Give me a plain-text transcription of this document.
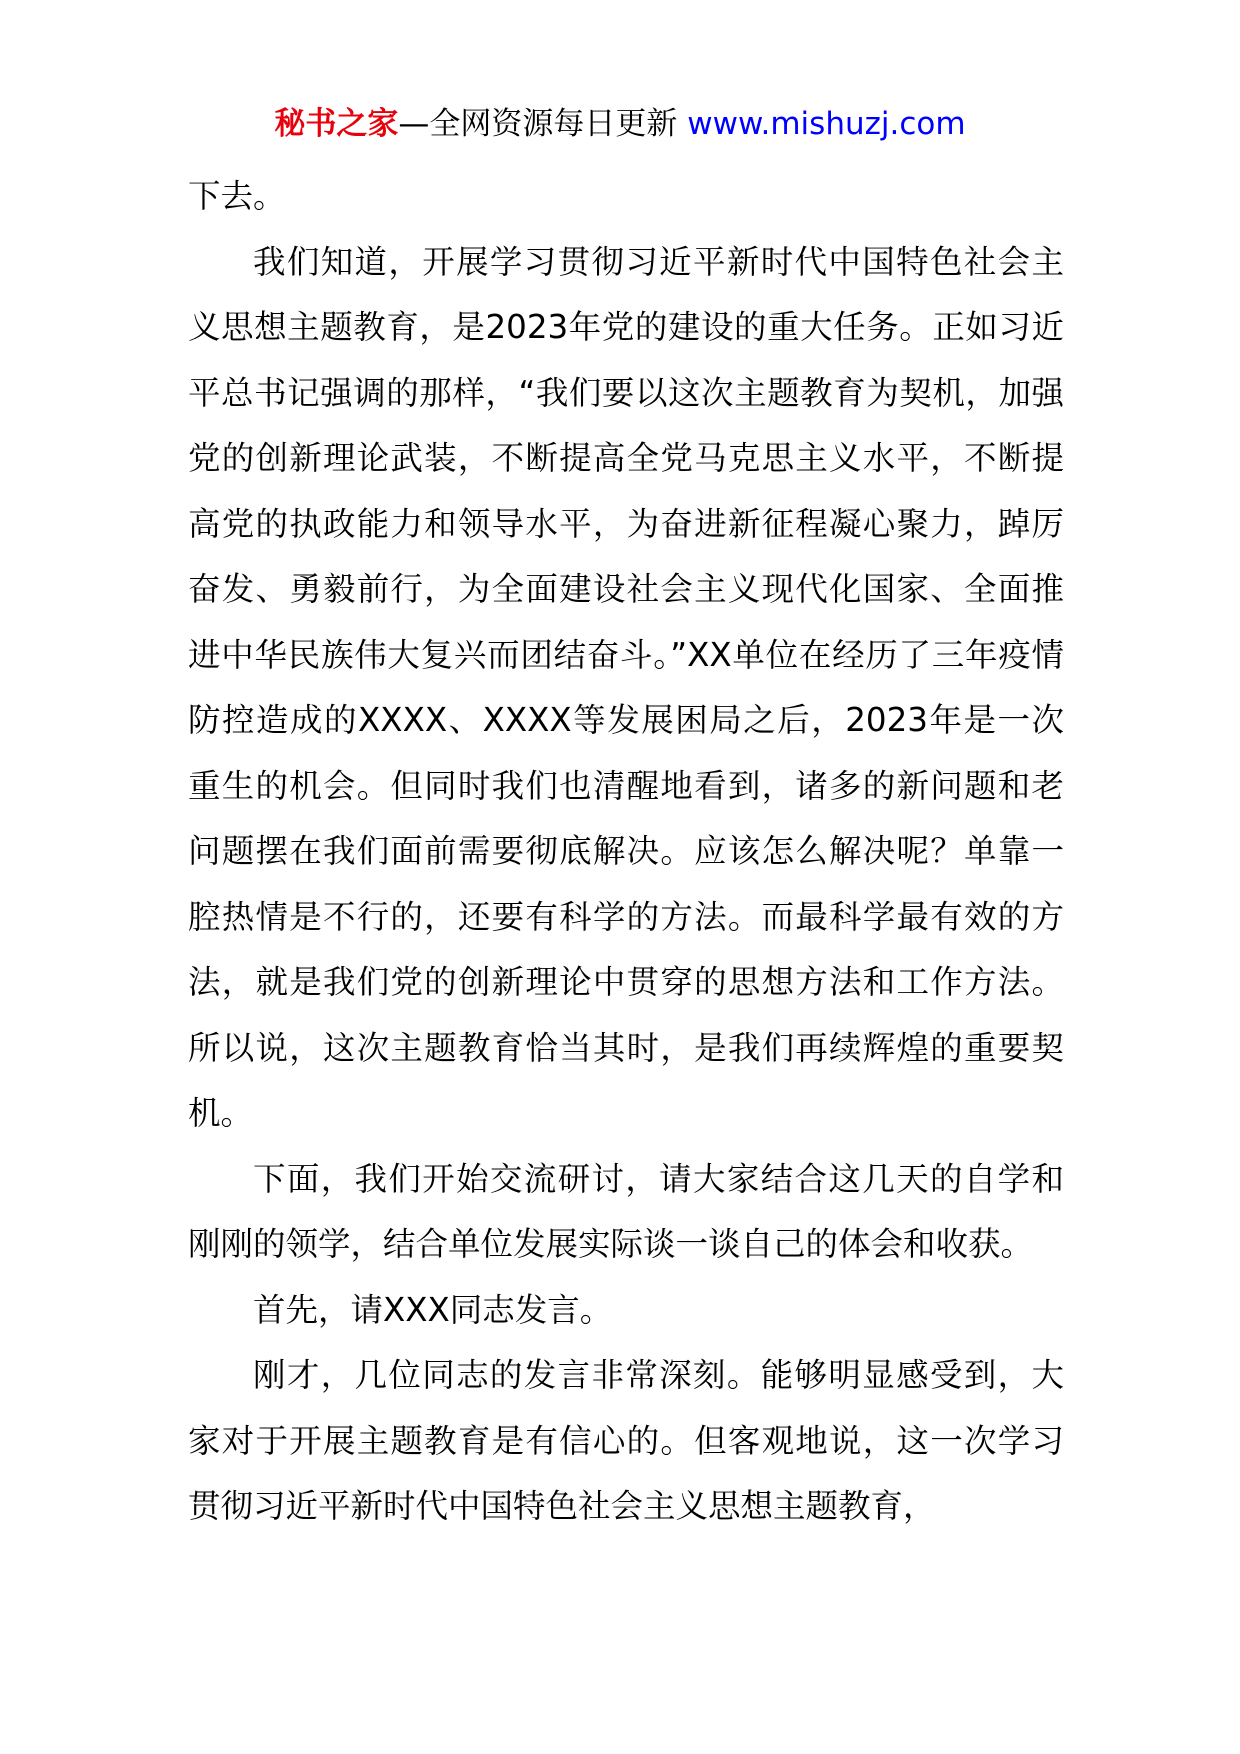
秘书之家—全网资源每日更新 www.mishuzj.com

下去。

我们知道，开展学习贯彻习近平新时代中国特色社会主义思想主题教育，是2023年党的建设的重大任务。正如习近平总书记强调的那样，“我们要以这次主题教育为契机，加强党的创新理论武装，不断提高全党马克思主义水平，不断提高党的执政能力和领导水平，为奋进新征程凝心聚力，踔厉奋发、勇毅前行，为全面建设社会主义现代化国家、全面推进中华民族伟大复兴而团结奋斗。”XX单位在经历了三年疫情防控造成的XXXX、XXXX等发展困局之后，2023年是一次重生的机会。但同时我们也清醒地看到，诸多的新问题和老问题摆在我们面前需要彻底解决。应该怎么解决呢？单靠一腔热情是不行的，还要有科学的方法。而最科学最有效的方法，就是我们党的创新理论中贯穿的思想方法和工作方法。所以说，这次主题教育恰当其时，是我们再续辉煌的重要契机。

下面，我们开始交流研讨，请大家结合这几天的自学和刚刚的领学，结合单位发展实际谈一谈自己的体会和收获。

首先，请XXX同志发言。

刚才，几位同志的发言非常深刻。能够明显感受到，大家对于开展主题教育是有信心的。但客观地说，这一次学习贯彻习近平新时代中国特色社会主义思想主题教育，
